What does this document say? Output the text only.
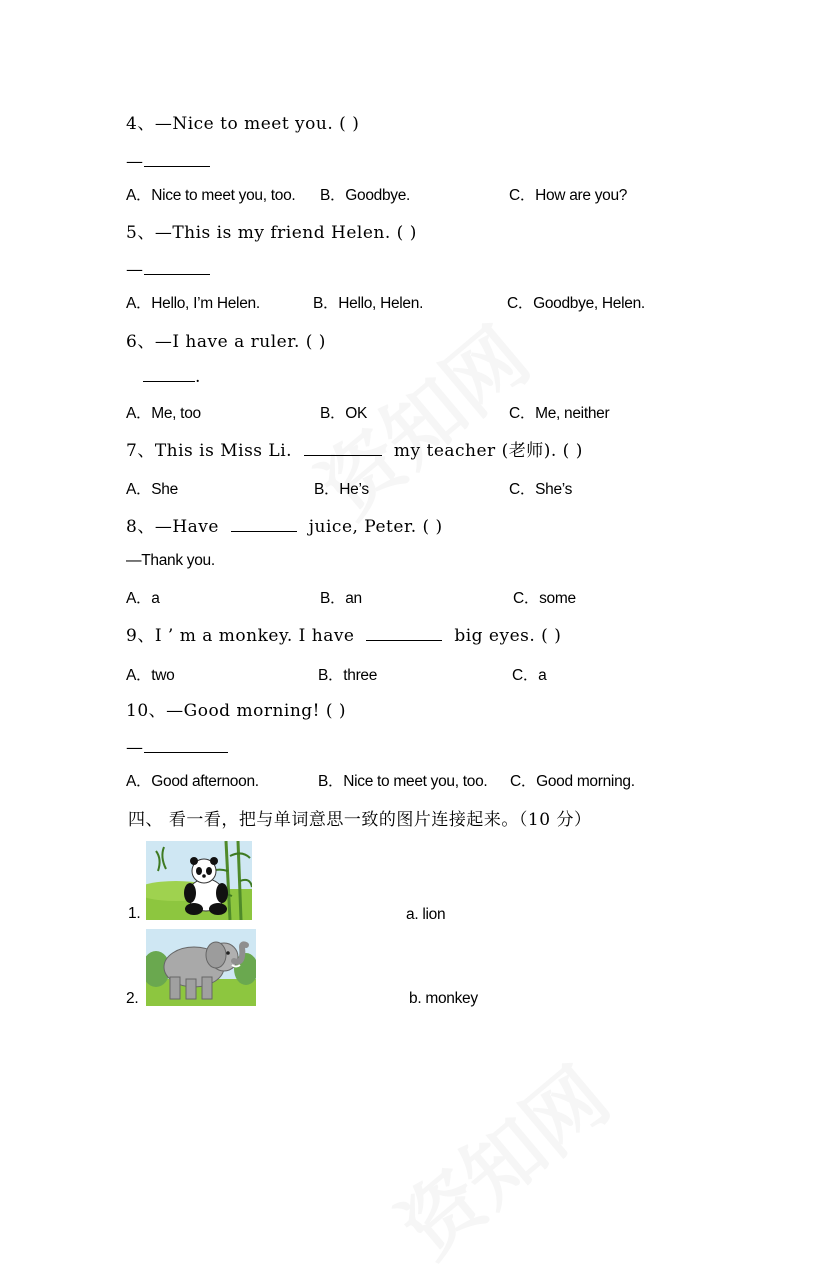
4、—Nice to meet you. ( )
—
A．Nice to meet you, too. B．Goodbye.	C．How are you?
5、—This is my friend Helen. ( )
—
A．Hello, I’m Helen.	B．Hello, Helen.	C．Goodbye, Helen.
6、—I have a ruler. ( )
.
A．Me, too	B．OK	C．Me, neither
7、This is Miss Li.	my teacher (老师). ( )
A．She	B．He’s	C．She’s
8、—Have	juice, Peter. ( )
—Thank you.
A．a	B．an	C．some
9、I ’ m a monkey. I have	big eyes. ( )
A．two	B．three	C．a
10、—Good morning! ( )
—
A．Good afternoon.	B．Nice to meet you, too. C．Good morning.
四、 看一看，把与单词意思一致的图片连接起来。（10 分）
1.	a. lion
2.	b. monkey
